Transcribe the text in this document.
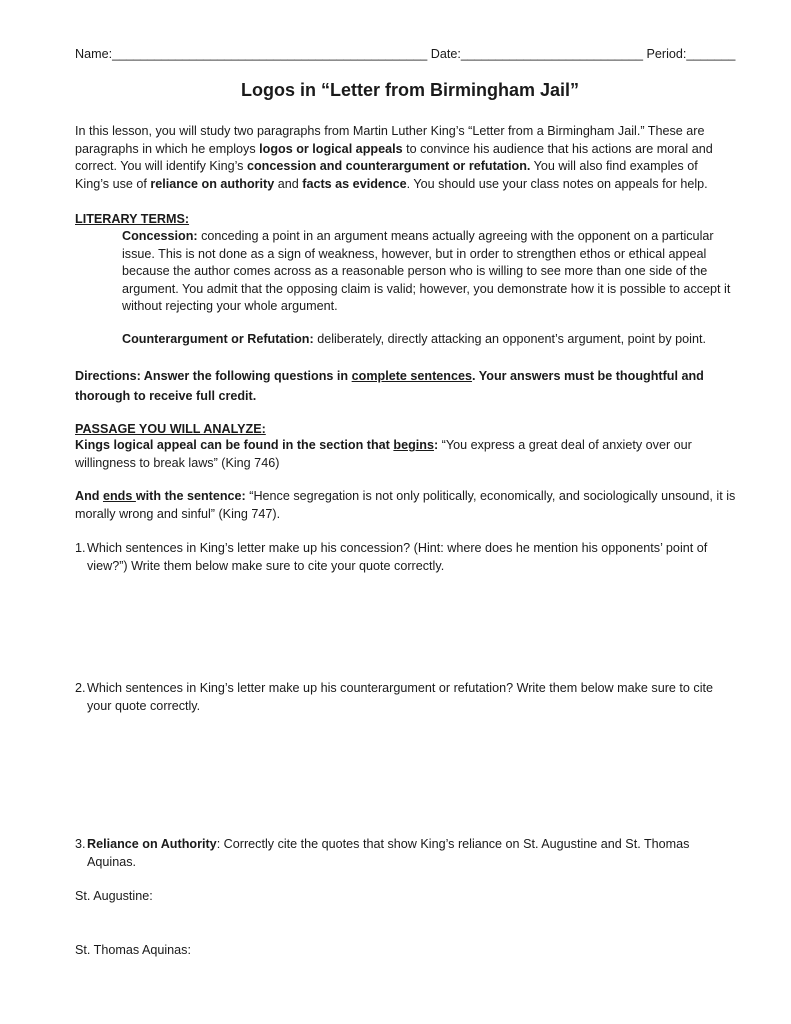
Name:_____________________________________________ Date:__________________________ Period:_______
Logos in “Letter from Birmingham Jail”
In this lesson, you will study two paragraphs from Martin Luther King’s “Letter from a Birmingham Jail.” These are paragraphs in which he employs logos or logical appeals to convince his audience that his actions are moral and correct. You will identify King’s concession and counterargument or refutation. You will also find examples of King’s use of reliance on authority and facts as evidence. You should use your class notes on appeals for help.
LITERARY TERMS:
Concession: conceding a point in an argument means actually agreeing with the opponent on a particular issue. This is not done as a sign of weakness, however, but in order to strengthen ethos or ethical appeal because the author comes across as a reasonable person who is willing to see more than one side of the argument. You admit that the opposing claim is valid; however, you demonstrate how it is possible to accept it without rejecting your whole argument.
Counterargument or Refutation: deliberately, directly attacking an opponent’s argument, point by point.
Directions: Answer the following questions in complete sentences. Your answers must be thoughtful and thorough to receive full credit.
PASSAGE YOU WILL ANALYZE:
Kings logical appeal can be found in the section that begins: “You express a great deal of anxiety over our willingness to break laws” (King 746)
And ends with the sentence: “Hence segregation is not only politically, economically, and sociologically unsound, it is morally wrong and sinful” (King 747).
1. Which sentences in King’s letter make up his concession? (Hint: where does he mention his opponents’ point of view?”) Write them below make sure to cite your quote correctly.
2. Which sentences in King’s letter make up his counterargument or refutation? Write them below make sure to cite your quote correctly.
3. Reliance on Authority: Correctly cite the quotes that show King’s reliance on St. Augustine and St. Thomas Aquinas.
St. Augustine:
St. Thomas Aquinas:
